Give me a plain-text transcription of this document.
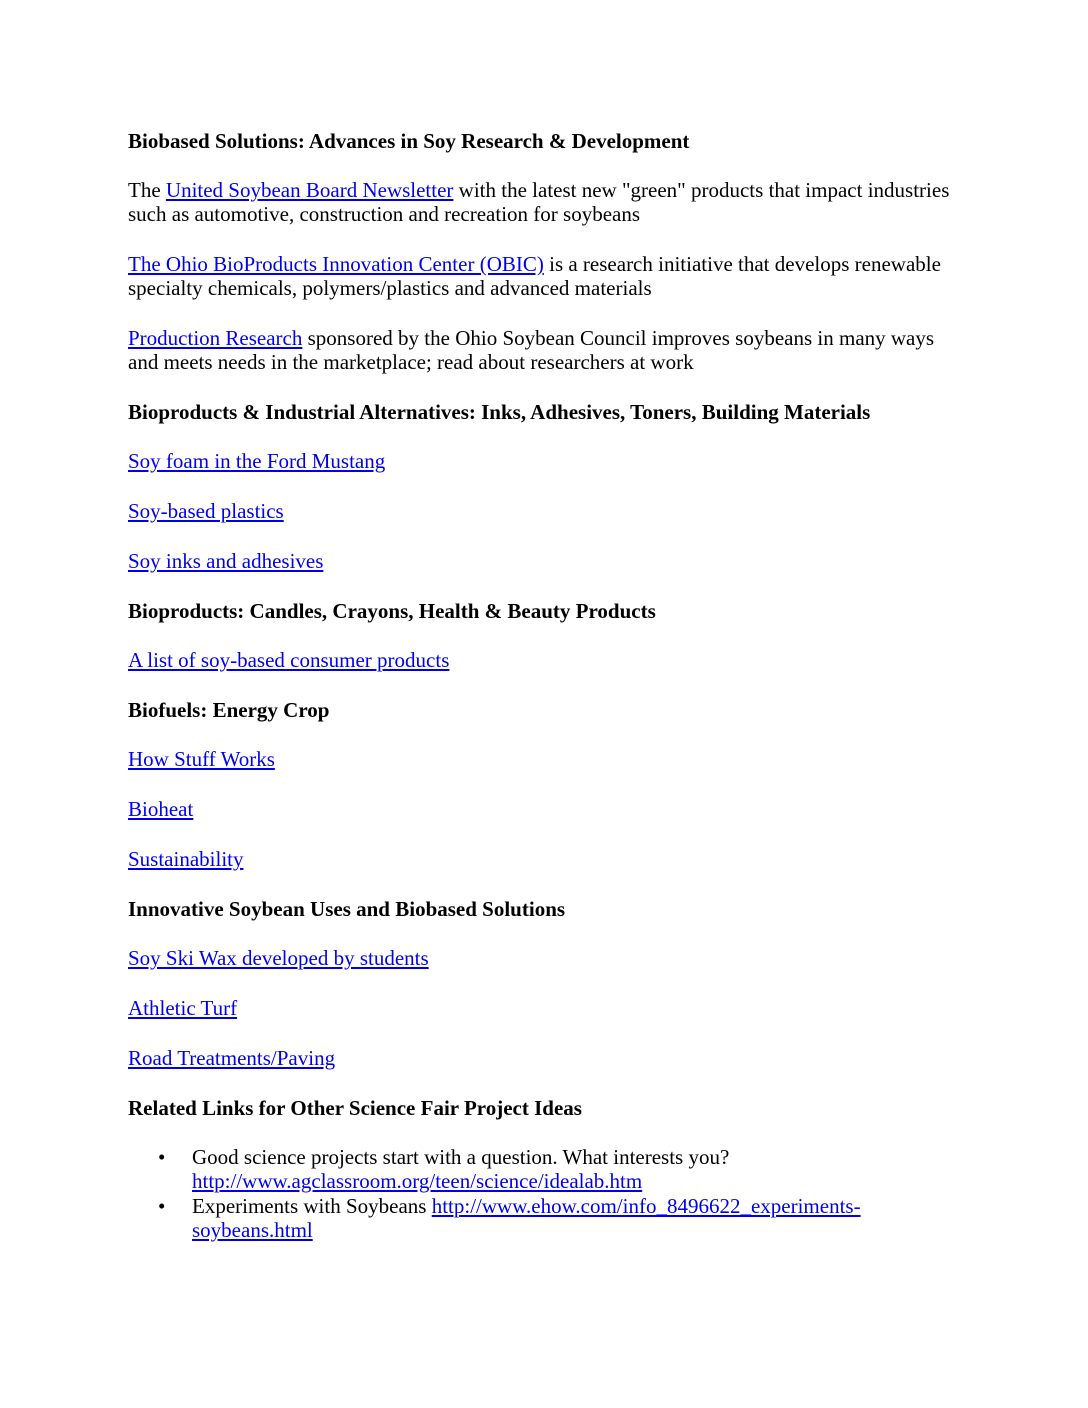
Biobased Solutions: Advances in Soy Research & Development
The United Soybean Board Newsletter with the latest new "green" products that impact industries such as automotive, construction and recreation for soybeans
The Ohio BioProducts Innovation Center (OBIC) is a research initiative that develops renewable specialty chemicals, polymers/plastics and advanced materials
Production Research sponsored by the Ohio Soybean Council improves soybeans in many ways and meets needs in the marketplace; read about researchers at work
Bioproducts & Industrial Alternatives: Inks, Adhesives, Toners, Building Materials
Soy foam in the Ford Mustang
Soy-based plastics
Soy inks and adhesives
Bioproducts: Candles, Crayons, Health & Beauty Products
A list of soy-based consumer products
Biofuels: Energy Crop
How Stuff Works
Bioheat
Sustainability
Innovative Soybean Uses and Biobased Solutions
Soy Ski Wax developed by students
Athletic Turf
Road Treatments/Paving
Related Links for Other Science Fair Project Ideas
• Good science projects start with a question. What interests you?
http://www.agclassroom.org/teen/science/idealab.htm
• Experiments with Soybeans http://www.ehow.com/info_8496622_experiments-soybeans.html
